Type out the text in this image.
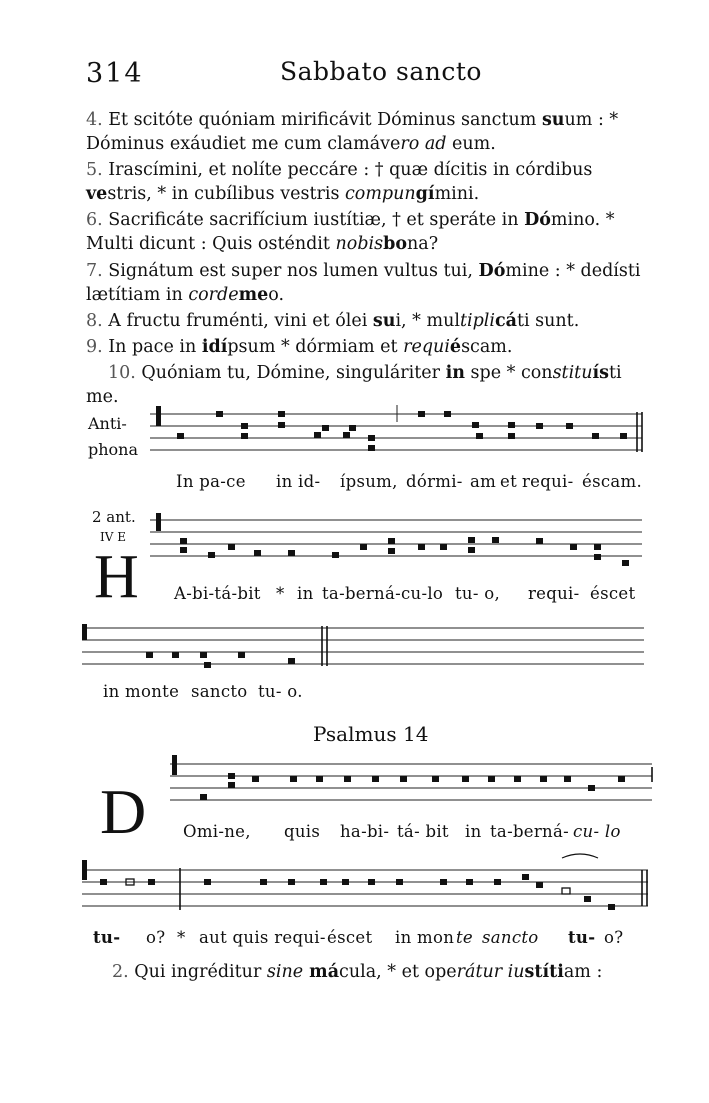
314	Sabbato sancto
4. Et scitóte quóniam mirificávit Dóminus sanctum suum : * Dóminus exáudiet me cum clamávero ad eum.
5. Irascímini, et nolíte peccáre : † quæ dícitis in córdibus vestris, * in cubílibus vestris compungímini.
6. Sacrificáte sacrifícium iustítiæ, † et speráte in Dómino. * Multi dicunt : Quis osténdit nobisbona?
7. Signátum est super nos lumen vultus tui, Dómine : * dedísti lætítiam in cordemeo.
8. A fructu fruménti, vini et ólei sui, * multiplicáti sunt.
9. In pace in idípsum * dórmiam et requiéscam.
10. Quóniam tu, Dómine, singuláriter in spe * constituísti me.
Anti-
phona
In pa-ce in id- ípsum, dórmi- am et requi- éscam.
2 ant.
IV E
H A-bi-tá-bit * in ta-berná-cu-lo tu- o, requi- éscet
in monte sancto tu- o.
Psalmus 14
D Omi-ne, quis ha-bi- tá- bit in ta-berná- cu- lo
tu- o? * aut quis requi- éscet in mon te sancto tu- o?
2. Qui ingréditur sine mácula, * et operátur iustítiam :
